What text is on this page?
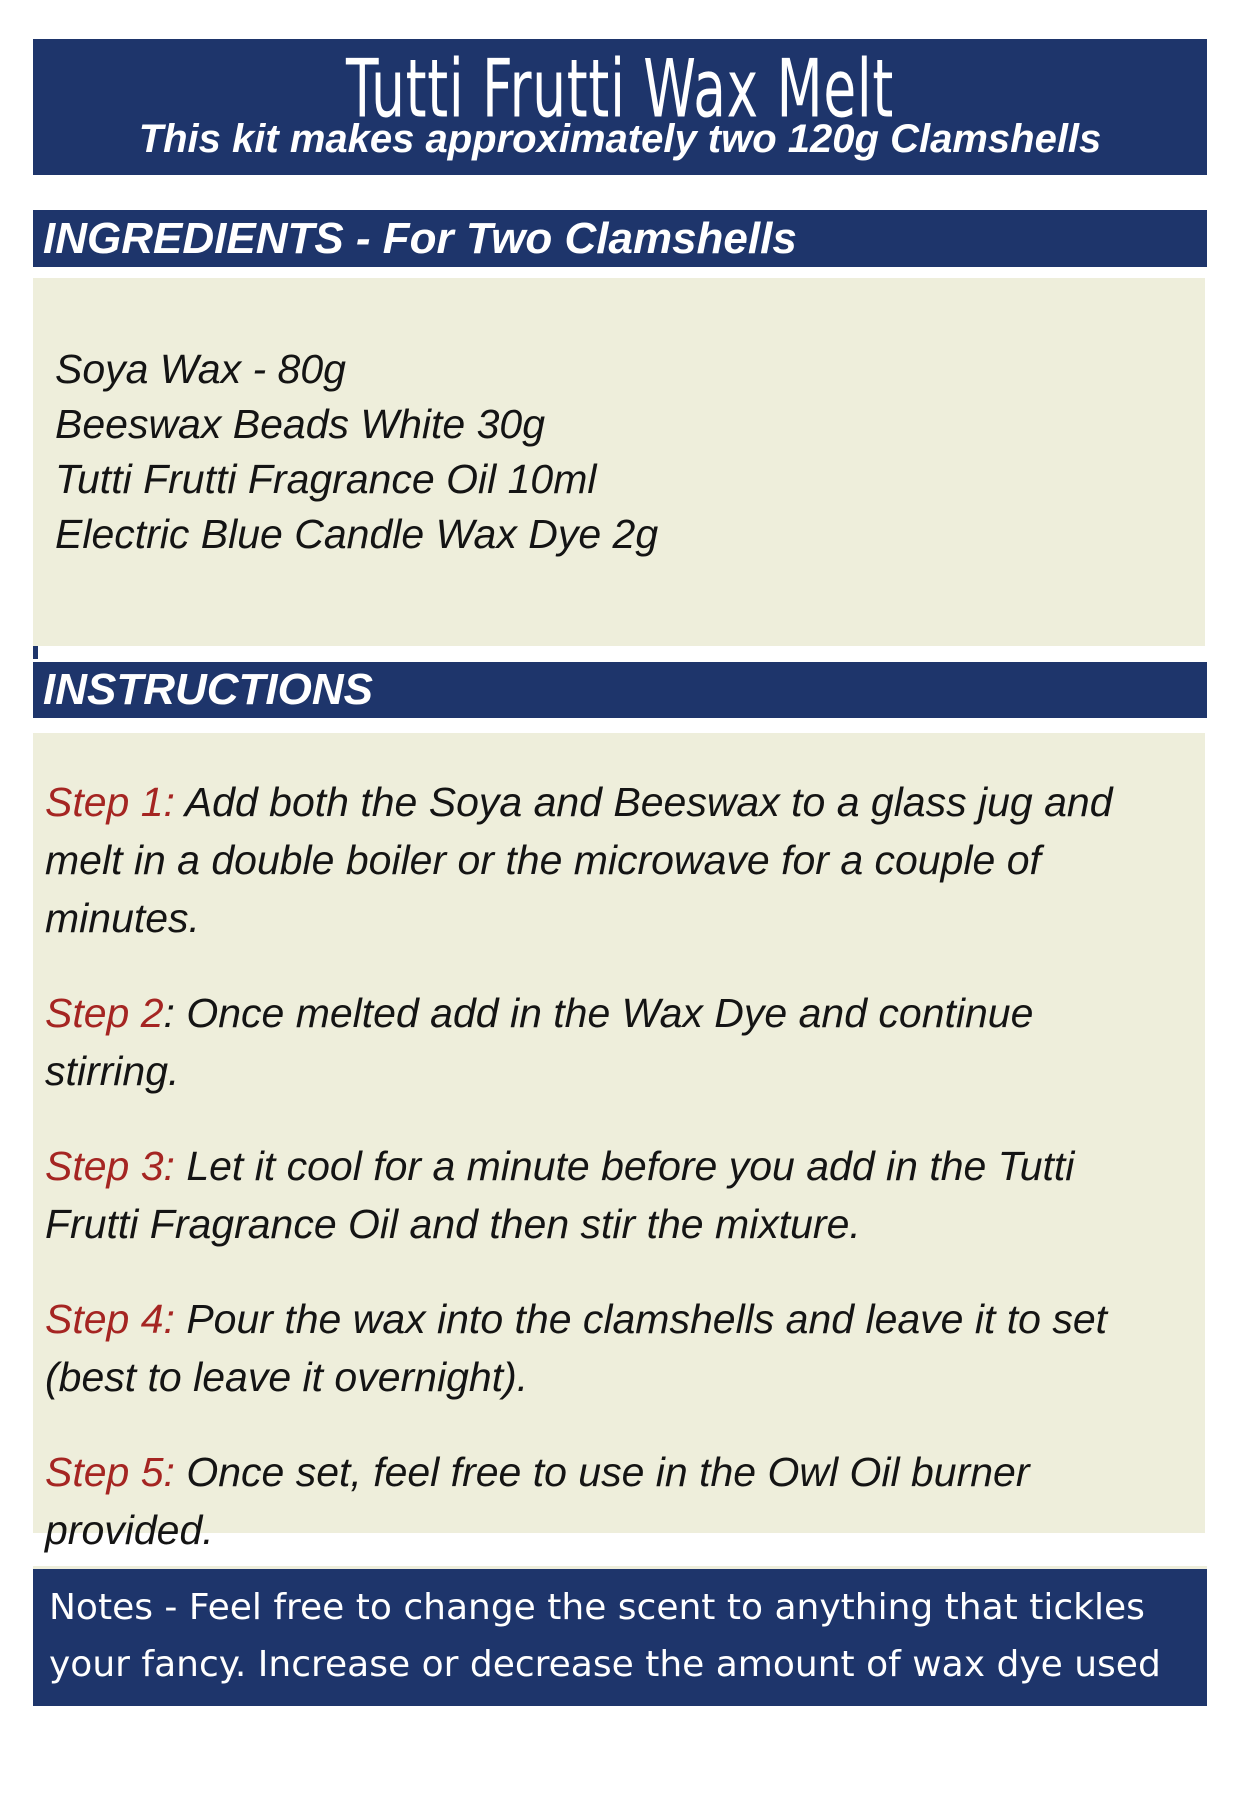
Tutti Frutti Wax Melt
This kit makes approximately two 120g Clamshells
INGREDIENTS - For Two Clamshells
Soya Wax - 80g
Beeswax Beads White 30g
Tutti Frutti Fragrance Oil 10ml
Electric Blue Candle Wax Dye 2g
INSTRUCTIONS

Step 1: Add both the Soya and Beeswax to a glass jug and
melt in a double boiler or the microwave for a couple of
minutes.

Step 2: Once melted add in the Wax Dye and continue stirring.

Step 3: Let it cool for a minute before you add in the Tutti
Frutti Fragrance Oil and then stir the mixture.

Step 4: Pour the wax into the clamshells and leave it to set
(best to leave it overnight).

Step 5: Once set, feel free to use in the Owl Oil burner
provided.

Notes - Feel free to change the scent to anything that tickles
your fancy. Increase or decrease the amount of wax dye used to
change the colour.
